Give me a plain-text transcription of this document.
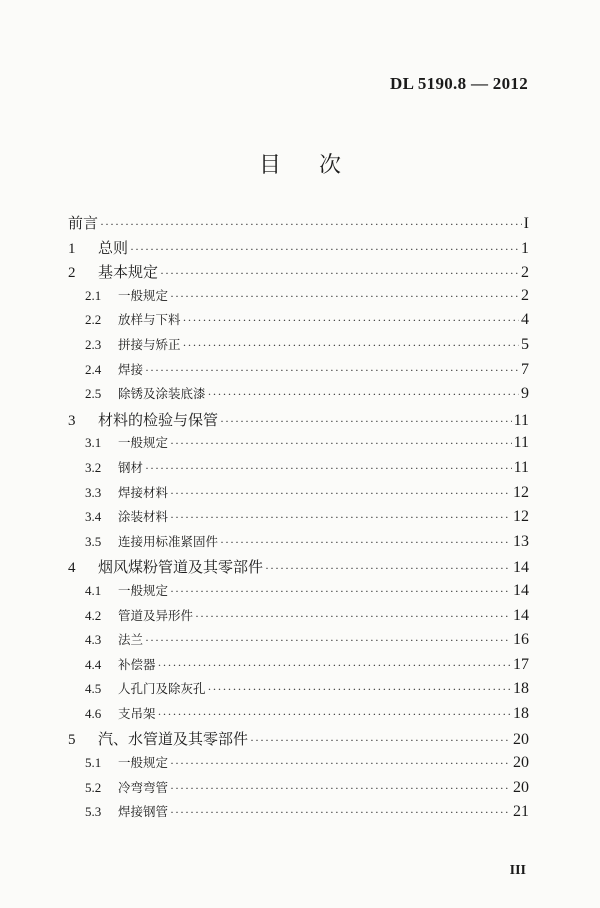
DL 5190.8 — 2012
目次
前言 ·····	I
1	总则 ·····	1
2	基本规定 ·····	2
2.1	一般规定 ·····	2
2.2	放样与下料 ·····	4
2.3	拼接与矫正 ·····	5
2.4	焊接 ·····	7
2.5	除锈及涂装底漆 ·····	9
3	材料的检验与保管 ·····	11
3.1	一般规定 ·····	11
3.2	钢材 ·····	11
3.3	焊接材料 ·····	12
3.4	涂装材料 ·····	12
3.5	连接用标准紧固件 ·····	13
4	烟风煤粉管道及其零部件 ·····	14
4.1	一般规定 ·····	14
4.2	管道及异形件 ·····	14
4.3	法兰 ·····	16
4.4	补偿器 ·····	17
4.5	人孔门及除灰孔 ·····	18
4.6	支吊架 ·····	18
5	汽、水管道及其零部件 ·····	20
5.1	一般规定 ·····	20
5.2	冷弯弯管 ·····	20
5.3	焊接钢管 ·····	21
III
